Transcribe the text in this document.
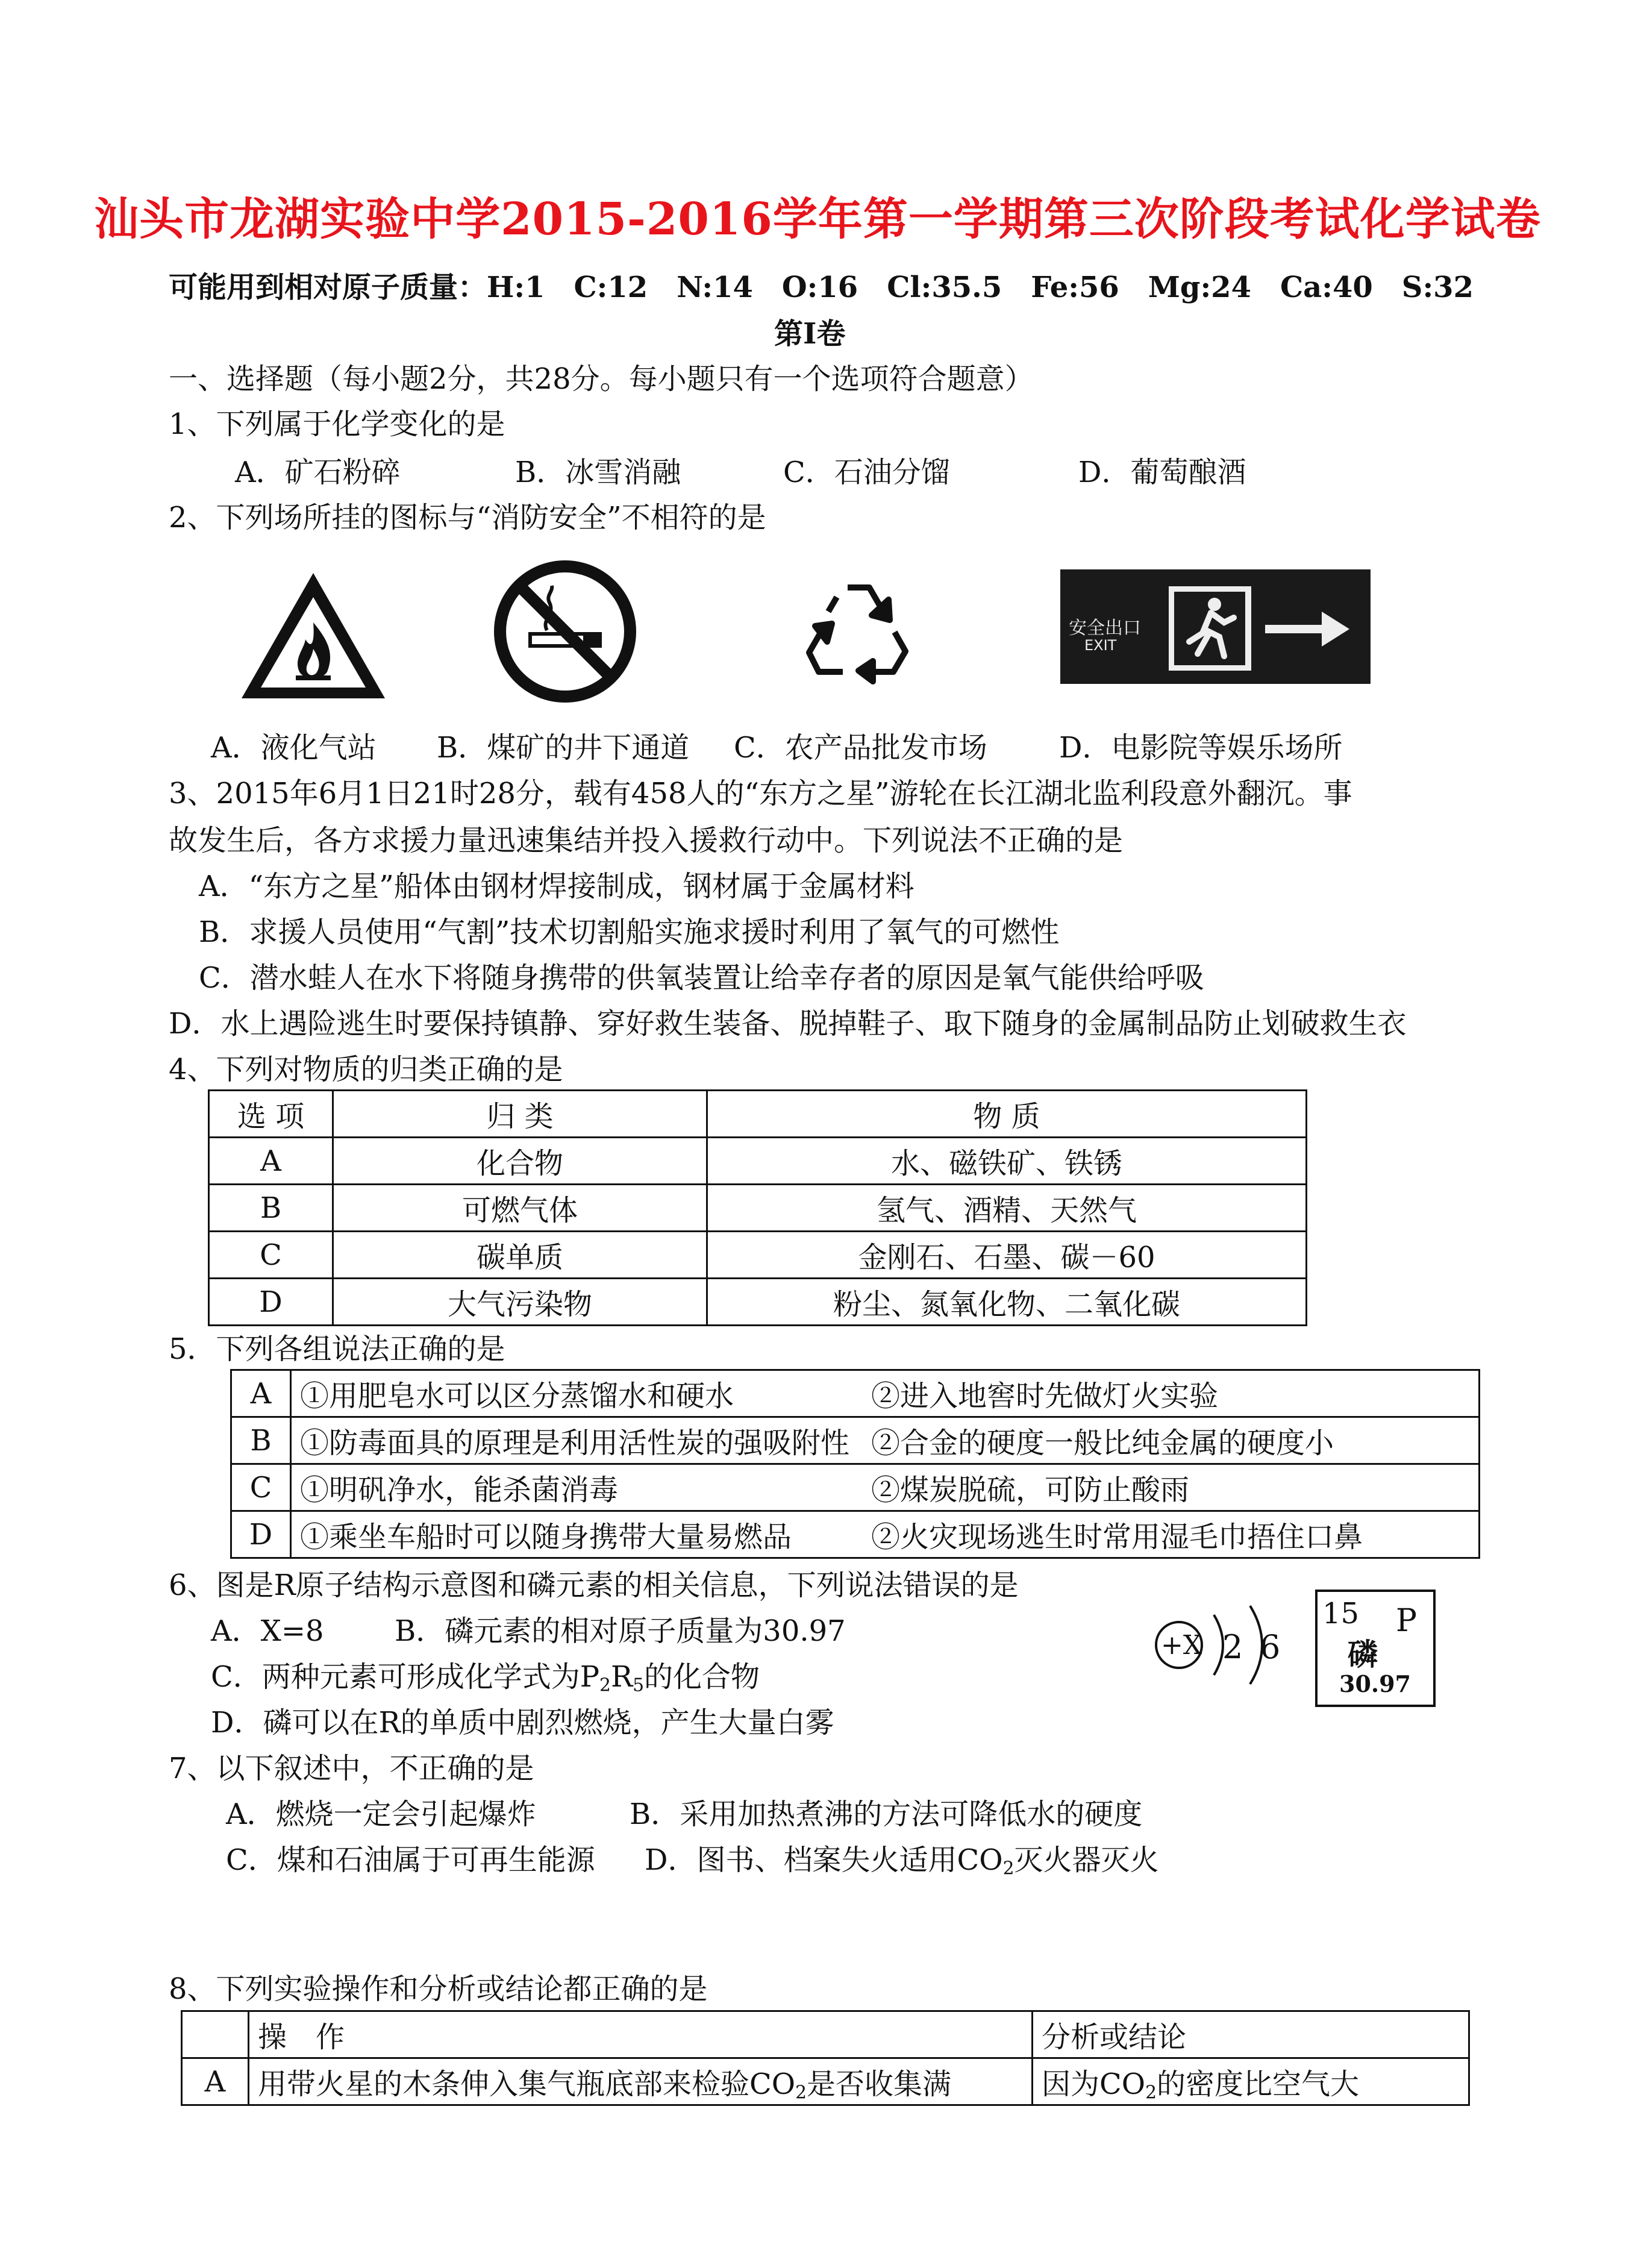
汕头市龙湖实验中学2015-2016学年第一学期第三次阶段考试化学试卷
可能用到相对原子质量：H:1　C:12　N:14　O:16　Cl:35.5　Fe:56　Mg:24　Ca:40　S:32
第Ⅰ卷
一、选择题（每小题2分，共28分。每小题只有一个选项符合题意）
1、下列属于化学变化的是
A．矿石粉碎	B．冰雪消融	C．石油分馏	D．葡萄酿酒
2、下列场所挂的图标与“消防安全”不相符的是
安全出口
EXIT
A．液化气站 B．煤矿的井下通道 C．农产品批发市场 D．电影院等娱乐场所
3、2015年6月1日21时28分，载有458人的“东方之星”游轮在长江湖北监利段意外翻沉。事
故发生后，各方求援力量迅速集结并投入援救行动中。下列说法不正确的是
A．“东方之星”船体由钢材焊接制成，钢材属于金属材料
B．求援人员使用“气割”技术切割船实施求援时利用了氧气的可燃性
C．潜水蛙人在水下将随身携带的供氧装置让给幸存者的原因是氧气能供给呼吸
D．水上遇险逃生时要保持镇静、穿好救生装备、脱掉鞋子、取下随身的金属制品防止划破救生衣
4、下列对物质的归类正确的是
选 项	归 类	物 质
A	化合物	水、磁铁矿、铁锈
B	可燃气体	氢气、酒精、天然气
C	碳单质	金刚石、石墨、碳－60
D	大气污染物	粉尘、氮氧化物、二氧化碳
5．下列各组说法正确的是
A	①用肥皂水可以区分蒸馏水和硬水	②进入地窖时先做灯火实验
B	①防毒面具的原理是利用活性炭的强吸附性	②合金的硬度一般比纯金属的硬度小
C	①明矾净水，能杀菌消毒	②煤炭脱硫，可防止酸雨
D	①乘坐车船时可以随身携带大量易燃品	②火灾现场逃生时常用湿毛巾捂住口鼻
6、图是R原子结构示意图和磷元素的相关信息，下列说法错误的是
A．X=8 B．磷元素的相对原子质量为30.97
C．两种元素可形成化学式为$P_2R_5$的化合物
D．磷可以在R的单质中剧烈燃烧，产生大量白雾
+X 2 6
15 P
磷
30.97
7、以下叙述中，不正确的是
A．燃烧一定会引起爆炸	B．采用加热煮沸的方法可降低水的硬度
C．煤和石油属于可再生能源 D．图书、档案失火适用$CO_2$灭火器灭火
8、下列实验操作和分析或结论都正确的是
	操　作	分析或结论
A	用带火星的木条伸入集气瓶底部来检验$CO_2$是否收集满	因为$CO_2$的密度比空气大
